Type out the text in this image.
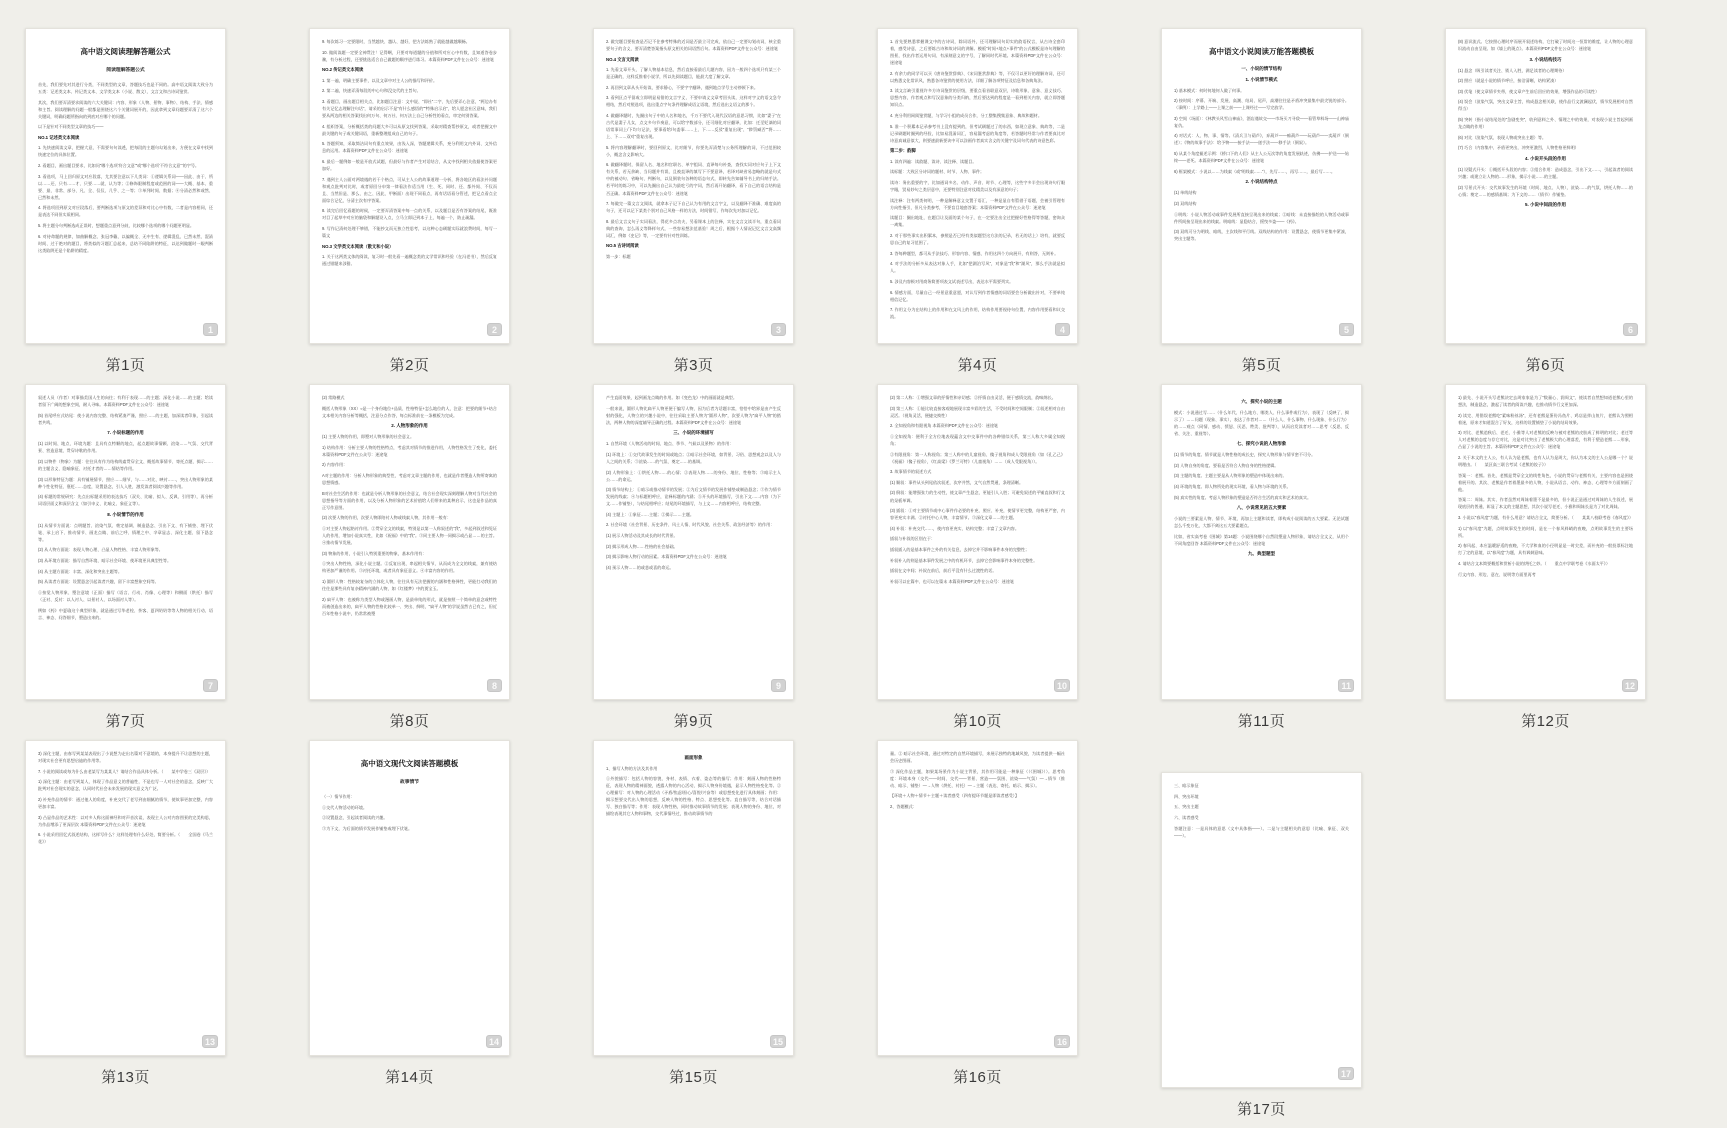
高中语文阅读理解答题公式
阅读理解答题公式
首先，我们要先对其进行分类，不同类型的文章，答题技巧也是不同的。高中语文阅读大致分为五类：记述类文本、传记类文本、文学类文本（小说、散文），文言文和古诗词鉴赏。
其次，我们要弄清要求阅读的六大关键词：内容、形象（人物、景物、事物）、结构、手法、情感和主旨。阅读理解的问题一般都是围绕这六个关键词展开的，因此拿到文章问题要弄清了这六个关键词，明确问题所指向的到底对应哪个的问题。
以下是针对不同类型文章的技巧——
NO.1 记述类文本阅读
1. 先快速阅读文章，把握大意，不需要句句读透，把每段的主题句勾划出来，方便在文章中找到快速定位的具体位置。
2. 看题目，画出题目要求，比如问“哪个选项‘符合文意’”或“哪个选项‘不符合文意’”的字号。
3. 看选项，马上回归原文对应段落，尤其要注意以下几类词：①逻辑关系词——因此、由于、所以……还、只有……才、只要……就、认为等；②修饰限制程度或范围的词——大概、基本、重要、最、非常、部分、凡、全、仅仅、几乎、之一等；③单列时间、数据；④分清必然和或然、已然和未然。
4. 将选项回到原文对应段落后，要判断选项与原文的差异和对比心中有数，二者是内容相同，还是表达不同但实质相同。
5. 将主题分句判断选成正误时，想题重点意到分歧，比较哪个选项的哪个问题更明显。
6. 对待命题的规律，如曲解概念、张冠李戴、以偏概全、无中生有、逻辑混乱、已然未然、混淆时间、过于绝对的题目，将类似的习题汇总起来，总结不同陷阱的特征，以达到做题时一眼判断这类陷阱还是个陷阱的精度。
1
第1页
9. 每次练习一定要限时，当然越快、越认、越好，把方法练熟了就能越做越顺畅。
10. 做阅读题一定要全神贯注！记得啊，只要对每道题的分值和所对应心中有数，且知道答卷步骤，有分析过程，还要挑选适合自己做题的顺序进行练习。本篇资料PDF文件在公众号：迷途笔
NO.2 传记类文本阅读
1. 第一遍，明确主要事件，以及文章中对主人公的描写和评价。
2. 第二遍，快速弄清每段的中心句和没交代的主旨句。
3. 看题目，画出题目相关点，比如题目注意：文中说、“即社”二字、先后要弄心注意，“两边办有有关记忆志理解注句话”，请采的启示不是“有什么感悟的”“特殊启示启”，给人愿念社区意味，我们要从两边的相关答案找出何万句、何万社、何万法上自己分析性的看点，审定何别答案。
4. 组织答案，分析概括类的问题大多可以从原文找到答案，采取对精查帮抄原文，或者把握文中最关键的句子或关键词语，重新整理组成自己的句子。
5. 答题须知，采取简洁词句有重点效果，由浅入深，答题逻辑关系，充分利用文内外词、文外信息的运用。本篇资料PDF文件在公众号：迷途笔
6. 最后一题例如一般是开放式试题，但最好与作者产生对话结合，从文中找到相关依据使答案更加好。
7. 遇到主人公面对两境遇的若干个格点，可从主人公的故事道理一分析，将各地区的看法补问题和观点批判对比时，或者原回分申第一律看法作适当用（生、死、同时、还、都外间、不仅而且、当然但是、那么、由之、因此、甲断面）出现不同看点，再有话语看分管述，把记点看点全面综合记忆，分清主次有序答案。
8. 读完后回忆看题的时候，一定要弄清答案中每一点的关系，以及题目是否有答案的结尾，既准对目了起草中对应的脑袋和解题设入点，立马立即记到本子上，每遍一个，防止疏漏。
9. 写作记清何处理不够错，不能抄文而无独立性思考，以这种心态刷题实际就浪费时间，每写一篇文
NO.3 文学类文本阅读（散文和小说）
1. 关于这两类文体的阅读，复习时一般先看一遍概念类的文学常识和经验（在冯老书），然后反复通过错题来涉猎。
2
第2页
2. 做完题目要检查是否记不住参考特殊的近词是否最立可完成，依自己一定要勾划动词，核全重要句子的含义，要弄清楚答案指头原文相关的词语然后句。本篇资料PDF文件在公众号：迷途笔
NO.4 文言文阅读
1. 先看文章开头，了解人物基本信息，然后直接看最后几题内容，因为一般四个选项只有某三个是正确的，这样反推着小说学，所以先阅读题目，能最大度了解文章。
2. 再回到文章从头开始读，要求静心，不要字字翻译，遇到地点学号主动停顿下来。
3. 看到区点平留或立即明显易错的文言字义，不要申请义文章考回头读，这样对字义的语文急令相结，然后对照选项，选出重点字句条件理解成语义语境，然后选出义语义的那个。
4. 做翻译题时，先圈出句子中的人名和地名，千万不要代入现代汉语的意思习惯，比如“妻子”在古代是妻子儿女，点文多句节奏意，可以给字数部分，还可细化对应翻译，比如：迁至贬谪的词语常事词上/下均匀记法，要事看给/句委事……上、下……反驳“重复出现”、“陟罚臧否”“将……上、下……双对”重复出现。
5. 将内容理解翻译时，要回到原文，比对细节，你要先弄清楚与公务所理解的词，不过范围较小，概念含义影响大。
6. 做翻译题时，保留人名、地名和官职名、单字组词、直译每句补查，查找实词对应句子上下文有关系，若无余缺、当问题并有误、且被直译的填写下不要意译，若译对缺省易忽略的就是句式中的被动句、省略句、判断句，以及倒装句各种的语态句式，即转先告知辅导书上的归纳手法。若平时的练习中，可以先圈出自己认为最吃亏的字词，然后再开始翻译，看下自己的语言结构是否正确。本篇资料PDF文件在公众号：迷途笔
7. 每做完一篇文言文阅读，就拿本子记下自己认为有用的文言字义，以及翻译不准确、难度高的句子，还可以记下某类个别对自己风格一样的方法，时间错写，作每次先对加以记忆。
8. 最后文言文句子实词看法，得花多点功夫，另看课本上的注释，实在文言文读半句，重点看词典的查询，怎么再义等降样句式，一些容易想法范基验！周之后，根据个人情况记忆文言文高频词汇，例如《史记》等，一定要有针对性训练。
NO.5 古诗词阅读
第一步：标题
3
第3页
1. 首先要熟悉掌握课文中的古诗词，除词语外，还可理解词句切实的韵语权言，从古诗全套印着，感受诗意，之后要练古诗和故诗词的讲解。模板“时间+地点+事件”的公式模板是诗句理解的图景，找出作者运用句词、有深刻意义的字号，了解同时代环境。本篇资料PDF文件在公众号：迷途笔
2. 有余力的同学可以买《唐诗鉴赏辞典》、《宋词鉴赏辞典》等，不仅可以更好的理解诗词，还可以熟悉文化常识风，熟悉各诗鉴赏的使用方法，详细了解各项特征及信息和各典角法。
3. 读文言缺引重视许多方诗词鉴赏的层级，要重点看首联意双层，诗歌形象、意象、意义技巧、思想内容，作者观点和写汉意象的分类归纳，然后要达到的程度是一看到相关内容，就立即答题知识点。
4. 充分利用网阅鉴赏题，与学习小组的成员合作，分工整集搜集意象、典故和题材。
5. 准一个积累本记录参考书上没有提到的，但考试刷题过了的东西，如现立意象、典故等，二是记录刷题时圈到的经验，比如易混淆词汇，容易漏考虑的角度等，若答题时经常与作者要真比对诗意真诚意似大，则要速最新要诀中可以涂画作者真实含义的关键字及词句代表的诗意色彩。
第二步：韵脚
1. 读有四遍：读韵题、读诗、读注释、读题目。
读标题：大致区分诗词的题材、时节、人物、事件；
读诗：务出重要的字，比如通词多名、动作、声音、时节、心理等，这些字多半会出现诗句行眼字眼，贸易妙句之类层意中，还要特别注意对仗精美以及有深意的句子；
读注释：注有两类何明，一种是解释意义交置于语汇，一种是显自有暂借于语题，会被引管理有方向性指引，但凡分类参考，不要盲目地套答案；本篇资料PDF文件在公众号：迷途笔
读题目：圈出地址，在题目让及面的某个句子，在一定要注出全过把握好性格得等答题，密询众一离集。
2. 对于那些事实出积累本，参照是否已经有类似题型这方法的记录，若无的话上）培有，就要反思自己的复习范围了。
3. 答每种题型，都可从手法技巧、形容内容、情感、作用这四个方向展开，有则答，无则补。
4. 对手法的分析多从表达对象入手，比如“把湖泊写风”，对象是“我”和“湖风”，那么手法就是拟人。
5. 涉及内容极对用商务简要项表文试表述写出，表达水平需要列实。
6. 情感方面，尽量自己一经景意重意愿，对认写到作者情感的词语要会分析做出针对，不要单纯相信记忆。
7. 作用义分为在结构上的作用和在文风上的作用，结构作用要视待句位置，内容作用要看和议交流。
4
第4页
高中语文小说阅读万能答题模板
一、小说的情节结构
1. 小说情节模式
1) 基本模式：何时何地何人做了何事。
2) 按时间：序幕、开端、发展、高潮、结局、尾声，高潮往往是矛盾冲突最集中最尖锐的部分。（事例）：上学路上——上课之前——上课经过——写完放学。
3) 空间（场面）：《林教头风雪山神庙》，酒店遇故交——市场买刀寻敌——看管草料场——山神庙复仇。
4) 对话式：人、物、事、情等。《清兵卫与葫芦》，弃葫芦——痴葫芦——玩葫芦——卖葫芦（倒述）；《物的故事手法》：给予物——接手法——递手法——移手法（倒叙）。
5) 从某个角度描述示例：《桥口下的人们》从主人公无次等的角度发展轨迹，仿佛——护送——始终——老死。本篇资料PDF文件在公众号：迷途笔
6) 框架模式：小说以……为线索（或“明线索……”），先写……，再写……，最后写……。
2. 小说结构特点
(1) 单线结构
(2) 双线结构
①明线：小说人物活动或事件发展所直接呈现出来的线索；②暗线：未直接描绘的人物活动或事件所间接呈现出来的线索。明暗线：显隐结合，摇曳多姿——《药》。
(3) 双线可分为明线、暗线，主次线和平行线。双线结构的作用：设置悬念，使情节更集中紧凑，突出主题等。
5
第5页
(8) 意识流式。它按照心理时序而展开叙述结构，它打破了时间这一恒常的维度，让人物的心理意识流动自由呈现。如《墙上的斑点》。本篇资料PDF文件在公众号：迷途笔
3. 小说结构技巧
(1) 悬念（吸引读者关注、锁人入胜，满足读者的心理期待）
(2) 照应（就是小说的情节呼应，接洽清晰，结构紧凑）
(3) 伏笔（使文章情节夹带，使文章产生前后回应的效果，增强作品的可读性）
(4) 误会（渲染气氛，突出文章主旨，构成悬念相关联，使作品行文波澜起伏，情节发展相对自然得当）
(5) 突转（指小说结尾处的“急剧变突”，收到意料之外、情理之中的效果，对表现小说主旨起到画龙点睛的作用）
(6) 对比（渲染气氛、表现人物或突出主题）等。
(7) 巧合（内容集中、矛盾更突出，冲突更激烈，人物性格更鲜明）
4. 小说开头段的作用
(1) 设疑式开头：①概括开头段的内容；②组合作用：造成悬念，引出下文……，引起读者的阅读兴趣；或建立让人物的……形象，揭示小说……的主题。
(2) 写景式开头：交代故事发生的环境（时间、地点、人物），渲染……的气氛，烘托人物……的心情；奠定……的感情基调；为下文的……（情节）作铺垫。
5. 小说中间段的作用
6
第6页
叙述人员（作者）对事描美国人生的向往；有利于表现……的主题；深化小说……的主题；给读者留下广阔的想象空间，耐人寻味。本篇资料PDF文件在公众号：迷途笔
(5) 首尾呼应式结尾：使小说内容完整、结构紧凑严谨，照应……的主题，加深读者印象，引起读者共鸣。
7. 小说标题的作用
(1) 以时间、地点、环境为题：且具有点特颗的地点，起点题故事情颗、渲染……气氛、交代背景、营造意境、贯穿诗歌的作用。
(2) 以物件（物象）为题：往往具有作为结构线索贯穿全文、概括故事情节、寄托点题、揭示……的主题含义、隐喻象征、衬托才者的……情结等作用。
(3) 以形象特征为题：具有铺展情节，照应……细节，与……对比、映衬……，突出人物形象的某种个性化特征、褒贬……态度，设置悬念，引人入胜，激发读者阅读兴趣等作用。
(4) 标题的常规研究：先点出标题采用的表达技巧（双关、比喻、拟人、反讽、引用等），再分析词语层面义和深层含义（如引申义、比喻义、象征义等）。
8. 小说情节的作用
(1) 从情节方面说：点明题旨、渲染气氛、奠定基调、制造悬念、引出下文、有下铺垫、埋下伏笔、承上启下、推动情节、画龙点睛、前后之呼、情理之中、卒章显志、深化主题、留下悬念等。
(2) 从人物方面说：表现人物心理、凸显人物性格、丰富人物形象等。
(3) 从环境方面说：描写自然环境、暗示社会环境、使环境更具典型性等。
(4) 从主题方面说：丰富、深化和突出主题等。
(5) 从读者方面说：设置悬念引起读者兴趣，留下丰富想象空间等。
①按觉人物形象、塑注意境（正面）描写（语言、行动、肖像、心理等）和侧面（烘托）描写（正衬、反衬：以人衬人、以景衬人、以场面衬人等）。
例如《药》中夏瑜这个典型形象，就是通过写华老栓、茶客、夏四奶奶等等人物的相关行动、语言、神态、问答细节，塑造出来的。
7
第7页
(2) 常路模式
概括人物形象（XX）≈是一个身份地位+品质、性格特征+怎么地位的人，注意：把要的细节+结合文本相关内容分析等概括，注意分点作答，每点标准前在一条模板为完成。
2. 人物形象的作用
(1) 主要人物的作用，即塑对人物形象的社会意义。
1) 结构作用：分析主要人物的性格特点，考虑其对情节的推进作用，人物性格发生了变化，委托本篇资料PDF文件在公众号：迷途笔
2) 内容作用：
A对主题的作用：分析人物形象的典型性，考虑对文章主题的作用，也就是作者塑造人物所寄寓的思想情感。
B对社会生活的作用：也就是分析人物形象的社会意义，结合社会现实深刻理解人物对当代社会的思想指导等方面的作用，以及分析人物形象的艺术价值给人们带来的某种启示，这也是作品的真正写作意图。
(2) 次要人物的作用，次要人物即陪衬人物或线索人物，其作用一般有：
①对主要人物起陪衬作用。②贯穿全文的线索，特别是以第一人称叙述的“我”，多起到叙述和见证人的作用，增加小说真实性，比如《祝福》中的“我”。③同主要人物一同揭示或凸显……的主旨。④推动情节发展。
(3) 物象的作用，小说引入特别重要的物象，基本作用有：
①突出人物性格，深化小说主题。②反复出现、串起相关情节，从而成为全文的线索，兼有使结构更加严谨的作用。③衬托环境，或者具有象征意义。④丰富内容的作用。
1) 圆形人物：性格较复杂的立体化人物，往往具有无法把握的内涵和性格弹性，更能打动我们的往往是那些具有复杂精神内涵的人物，如《红楼梦》中的贾宝玉。
2) 扁平人物：也被称为类型人物或漫画人物，是最单纯的形式，就是按照一个简单的意念或特性而被创造出来的，扁平人物的性格比较单一、突出、鲜明，“扁平人物”的学说虽然古已有之，但近百年性格小说中，仍常常被塑
8
第8页
产生直面效果，起到画龙点睛的作用。如《变色龙》中的画面就是典型。
一般来说，圆形人物比扁平人物更便于编写人物，因为后者为话题丰富，恰恰中给界是由产生反射的强化，人物立的兴趣小说中，往往采取主要人物为“圆形人物”，次要人物为“扁平人物”的搭法，两种人物的深度辅导正确的过程。本篇资料PDF文件在公众号：迷途笔
三、小说的环境描写
1. 自然环境（人物活动的时间、地点、季节、气候以及景物）的作用：
(1) 环境上：①交代故事发生的时间或地点；②暗示社会环境，如背景、习俗、思想观念以及人与人之间的关系；③渲染……的气氛、奠定……的基调。
(2) 人物形象上：①烘托人物……的心情；②表现人物……的身份、地位、性格等；③暗示主人公……的命运。
(3) 情节结构上：①暗示或推动情节的发展；②为后文情节的发展作铺垫或制造悬念；③作为情节发展的线索；④与标题相呼应，诠释标题的内涵；⑤开头的环境描写，引出下文……内容（为下文……作铺垫），与结尾相呼应；结尾的环境描写，与上文……内容相呼应，结构完整。
(4) 主题上：①象征……主题；②揭示……主题。
2. 社会环境（社会背景、历史条件、风土人情、时代风貌、社会关系、政治经济等）的作用：
(1) 展示人物活动及其成长的时代背景。
(2) 揭示形成人物……性格的社会基础。
(3) 揭示影响人物行动的因素。本篇资料PDF文件在公众号：迷途笔
(4) 预示人物……的或悲或喜的命运。
9
第9页
(2) 第二人称：①增强文章的抒情性和亲切感；②抒情自由灵活，便于感情交流，韵味绵长。
(3) 第三人称：①能比较直接客观地展现丰富多彩的生活，不受时间和空间限制；②叙述相对自由灵活。（视角灵活，便捷交换性）
2. 全知视角和有限视角 本篇资料PDF文件在公众号：迷途笔
①全知视角：便利于全方位地表现蕴含文中交事件中的各种错综关系，第三人称大多属全知视角；
②有限视角：第一人称视角；第三人称中的儿童视角、傻子视角和成人受限视角（如《孔乙己》《祝福》（傻子视角），《红高粱》《罗兰可特》（儿童视角）……（成人受限视角））。
3. 故事情节的叙述方式
(1) 顺叙：事件从头到尾依次叙述，次序井然，文气自然贯通，条理清晰。
(2) 倒叙：能增强张力的生动性，使文章产生悬念，更能引人入胜；可避免叙述的平铺直叙和行文的呆板单调。
(3) 插叙：①对主要情节或中心事件作必要的补充、照应、补充，使情节更完整，结构更严密，内容更充实丰满。②衬托中心人物，丰富情节。③深化文章……的主题。
(4) 补叙：补充交代……，使内容更充实、结构完整；丰富了文章内容。
插叙与补叙的区别在于：
插叙插入的是基本事件之外的有关信息，去掉它并不影响事件本身的完整性；
补叙补入的则是基本事件发展之中的有机环节，去掉它会影响事件本身的完整性。
插叙在文中间；补叙在前后，前后平没有什么过渡性的话。
补叙可以在篇中、也可以在篇末 本篇资料PDF文件在公众号：迷途笔
10
第10页
六、探究小说的主题
模式：小说通过写……（什么年代、什么地方、哪类人、什么事件或行为），表现了（反映了、揭示了）……问题（现象、事实），表达了作者对……（什么人、什么事物、什么现象、什么行为）的……观点（同情、感动、愤怒、厌恶、赞美、批判等），从而启发读者对……思考（反思、反省、关注、重视等）。
七、探究小说的人物形象
(1) 情节的角度。情节就是人物性格的成长史，探究人物形象与情节密不可分。
(2) 人物自身的角度。要看是否符合人物自身的性格逻辑。
(3) 主题的角度。主题主要是从人物形象的塑造中体现出来的。
(4) 环境的角度。即人物所处的现实环境，看人物与环境的关系。
(5) 真实性的角度。考虑人物形象的塑造是否符合生活的真实和艺术的真实。
八、小说常见的五大要素
小说的三要素是人物、情节、环境，再加上主题和读者，即构成小说阅读的五大要素。无论试题怎么千变万化，大都不离这五大要素题点。
比如，省实高考卷《围城》第14题：小说围绕哪个自然段塑造人物形象，请结合全文义，从用个不同角度回答 本篇资料PDF文件在公众号：迷途笔
九、典型题型
11
第11页
1) 最先、小说开头写老熊决定去周家家是为了“数量心、润周文”，使读者自然想知道老熊心里的想法，制造悬念，激起了读者的阅读兴趣，也推动情节行文更加深。
2) 读完、用错误老熊吃“素味粉丝汤”，还有老熊是蛋份冯鱼片、鸡店是拌山鱼片，老熊认为照相着迷，原来才知道混合了好友，这样的设置铺垫了小说的结局效果。
3) 对比、老熊追秋后、老迁、小雅等人对老熊的反映与被对老熊的皮肤成了鲜明的对比；老迁等人对老熊的态度与存它对比，这是对比突出了老熊极大的心理落差，有利于塑造老熊……形象，凸显了小说的主旨。本篇资料PDF文件在公众号：迷途笔
2. 关于本文的主人公，有人认为是老熊，也有人认为是周大，你认为本文的主人公是哪一个？说明理由。（　　某区高三联合考试《老熊的饺子》）
答案一：老熊。首先、老熊是贯穿全文的线性角色，小说的贯穿与老熊有关，主要内容也是围绕着展开的。其次、老熊是作者着墨最多的人物，小说从语言、动作、神态、心理等多方面刻画了他。
答案二：周妹。其实、作者虽然对周妹着墨不是最多的，但小说正是通过对周妹的人生叙述，展现底层的普通，彰显了本文的主题思想，其次小说写老迁、小雅和周妹长是为了对比周妹。
3. 小说以“春风度”为题，有什么用意？请结合全文，简要分析。（　　某某八校联考卷《春风度》）
1) 以“春风度”为题，点明故事发生的时间，是在一个春风料峭的夜晚，点明故事发生的主要场所。
2) 春风起、本应温暖舒适的夜晚，不大学和血的小径明显是一时尖差，而补充的一般投票标注地打了定的意境，以“春风度”为题，具有讽刺意味。
4. 请结合文本简要概括和赏析小说的烘托之妙。（　　重点中学联考卷《水面太平》）
行文内容、形边、意在、说明等方面里再考
12
第12页
3) 深化主题，由春写到某某表现出了小说想为走出名篇对不意境的，本身提升不让思想的主题，对现实社会更有思想启迪的作用等。
7. 小说的阅读或每为什么由老某写为某某人？请结合作品具体分析。（　　某中学卷三《双层》）
1) 深化主题：由老写到某人，体现了作品意义的普遍性，不是也写一人对社会的意念，反映广大批判对社会现实的意念，认同时代社会未来发展的现实意义为广泛。
2) 补充作品的情节：通过他人的角度，补充交代了老写到由细腻的情节，使故事更加完整，内容更加丰富。
3) 凸显作品的艺术性：以对多人称这面神经和对声音次谈，表现主人公对内容图景的完美构思，为作品增添了更深层次 本篇资料PDF文件在公众号：迷途笔
6. 小说采用回忆式叙述结构，这样写什么？这样处理有什么好处，简要分析。（　　全国卷《马兰花》）
13
第13页
高中语文现代文阅读答题模板
故事情节
（一）情节作用：
①交代人物活动的环境。
②设置悬念，引起读者阅读的兴趣。
③为下文，为后面的情节发展作铺垫或埋下伏笔。
14
第14页
画面形象
1、描写人物的方法及其作用
①外貌描写：包括人物的容貌、身材、表情、衣着、姿态等的描写；作用：刻画人物的性格特征，表现人物的精神面貌，透露人物的内心活动，揭示人物身份境遇，显示人物性格变化等。②心理描写：对人物的心理活动（矛盾/焦虑/担心/喜悦/兴奋等）或思想变化进行具体刻画；作用：揭示想要交代出人物的思想，反映人物的性格、特点、思想变化等。直白描写等，结合对话描写、独白描写等；作用：表现人物性格，同时推动故事情节的发展；表现人物的身份、地位，对描绘表现其它人物和事物，交代事情经过，推动故事情节的
15
第15页
量。② 暗示社会环境，通过对特定的自然环境描写，来展示独特的地域风貌，为读者提供一幅社会历史图画。
③ 深化作品主题，如果某场景作为小说主背景，其作用可能是一种象征（（《围城》））。思考角度：环境本身（交代——时间、交代——背景、营造——氛围、渲染——气氛）—→情节（推动、暗示、铺垫）—→人物（烘托、衬托）—→主题（表达、寄托、暗示、揭示）。
【环境＋人物＋情节＋主题＋读者感受（四有提环节题是即读者感受）】
2、答题模式：
16
第16页
三、暗示象征
四、突出环境
五、突出主题
六、读者感受
答题注意：一是具体的意思（文中具体指——）。二是与主题相关的意思（比喻、象征、双关——）。
17
第17页
